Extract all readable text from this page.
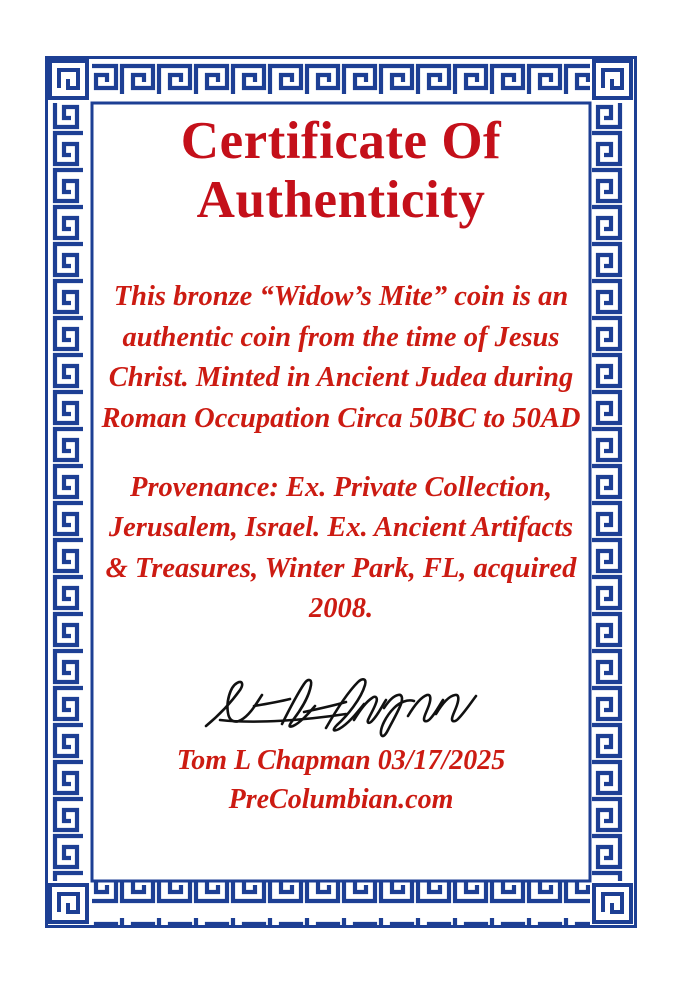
Certificate Of
Authenticity

This bronze “Widow’s Mite” coin is an authentic coin from the time of Jesus Christ. Minted in Ancient Judea during Roman Occupation Circa 50BC to 50AD

Provenance: Ex. Private Collection, Jerusalem, Israel. Ex. Ancient Artifacts & Treasures, Winter Park, FL, acquired 2008.

Tom L Chapman 03/17/2025
PreColumbian.com
